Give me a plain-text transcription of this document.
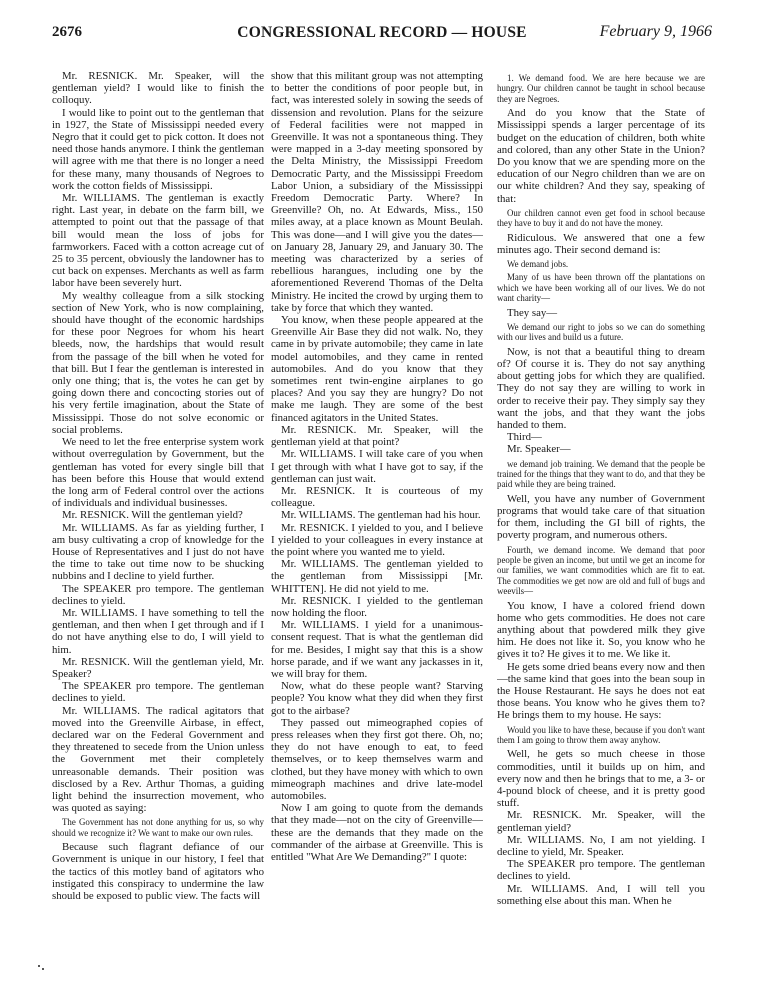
2676	CONGRESSIONAL RECORD — HOUSE	February 9, 1966

Mr. RESNICK. Mr. Speaker, will the gentleman yield? I would like to finish the colloquy.

I would like to point out to the gentleman that in 1927, the State of Mississippi needed every Negro that it could get to pick cotton. It does not need those hands anymore. I think the gentleman will agree with me that there is no longer a need for these many, many thousands of Negroes to work the cotton fields of Mississippi.

Mr. WILLIAMS. The gentleman is exactly right. Last year, in debate on the farm bill, we attempted to point out that the passage of that bill would mean the loss of jobs for farmworkers. Faced with a cotton acreage cut of 25 to 35 percent, obviously the landowner has to cut back on expenses. Merchants as well as farm labor have been severely hurt.

My wealthy colleague from a silk stocking section of New York, who is now complaining, should have thought of the economic hardships for these poor Negroes for whom his heart bleeds, now, the hardships that would result from the passage of the bill when he voted for that bill. But I fear the gentleman is interested in only one thing; that is, the votes he can get by going down there and concocting stories out of his very fertile imagination, about the State of Mississippi. Those do not solve economic or social problems.

We need to let the free enterprise system work without overregulation by Government, but the gentleman has voted for every single bill that has been before this House that would extend the long arm of Federal control over the actions of individuals and individual businesses.

Mr. RESNICK. Will the gentleman yield?

Mr. WILLIAMS. As far as yielding further, I am busy cultivating a crop of knowledge for the House of Representatives and I just do not have the time to take out time now to be shucking nubbins and I decline to yield further.

The SPEAKER pro tempore. The gentleman declines to yield.

Mr. WILLIAMS. I have something to tell the gentleman, and then when I get through and if I do not have anything else to do, I will yield to him.

Mr. RESNICK. Will the gentleman yield, Mr. Speaker?

The SPEAKER pro tempore. The gentleman declines to yield.

Mr. WILLIAMS. The radical agitators that moved into the Greenville Airbase, in effect, declared war on the Federal Government and they threatened to secede from the Union unless the Government met their completely unreasonable demands. Their position was disclosed by a Rev. Arthur Thomas, a guiding light behind the insurrection movement, who was quoted as saying:

The Government has not done anything for us, so why should we recognize it? We want to make our own rules.

Because such flagrant defiance of our Government is unique in our history, I feel that the tactics of this motley band of agitators who instigated this conspiracy to undermine the law should be exposed to public view. The facts will

show that this militant group was not attempting to better the conditions of poor people but, in fact, was interested solely in sowing the seeds of dissension and revolution. Plans for the seizure of Federal facilities were not mapped in Greenville. It was not a spontaneous thing. They were mapped in a 3-day meeting sponsored by the Delta Ministry, the Mississippi Freedom Democratic Party, and the Mississippi Freedom Labor Union, a subsidiary of the Mississippi Freedom Democratic Party. Where? In Greenville? Oh, no. At Edwards, Miss., 150 miles away, at a place known as Mount Beulah. This was done—and I will give you the dates—on January 28, January 29, and January 30. The meeting was characterized by a series of rebellious harangues, including one by the aforementioned Reverend Thomas of the Delta Ministry. He incited the crowd by urging them to take by force that which they wanted.

You know, when these people appeared at the Greenville Air Base they did not walk. No, they came in by private automobile; they came in late model automobiles, and they came in rented automobiles. And do you know that they sometimes rent twin-engine airplanes to go places? And you say they are hungry? Do not make me laugh. They are some of the best financed agitators in the United States.

Mr. RESNICK. Mr. Speaker, will the gentleman yield at that point?

Mr. WILLIAMS. I will take care of you when I get through with what I have got to say, if the gentleman can just wait.

Mr. RESNICK. It is courteous of my colleague.

Mr. WILLIAMS. The gentleman had his hour.

Mr. RESNICK. I yielded to you, and I believe I yielded to your colleagues in every instance at the point where you wanted me to yield.

Mr. WILLIAMS. The gentleman yielded to the gentleman from Mississippi [Mr. WHITTEN]. He did not yield to me.

Mr. RESNICK. I yielded to the gentleman now holding the floor.

Mr. WILLIAMS. I yield for a unanimous-consent request. That is what the gentleman did for me. Besides, I might say that this is a show horse parade, and if we want any jackasses in it, we will bray for them.

Now, what do these people want? Starving people? You know what they did when they first got to the airbase?

They passed out mimeographed copies of press releases when they first got there. Oh, no; they do not have enough to eat, to feed themselves, or to keep themselves warm and clothed, but they have money with which to own mimeograph machines and drive late-model automobiles.

Now I am going to quote from the demands that they made—not on the city of Greenville—these are the demands that they made on the commander of the airbase at Greenville. This is entitled "What Are We Demanding?" I quote:

1. We demand food. We are here because we are hungry. Our children cannot be taught in school because they are Negroes.

And do you know that the State of Mississippi spends a larger percentage of its budget on the education of children, both white and colored, than any other State in the Union? Do you know that we are spending more on the education of our Negro children than we are on our white children? And they say, speaking of that:

Our children cannot even get food in school because they have to buy it and do not have the money.

Ridiculous. We answered that one a few minutes ago. Their second demand is:

We demand jobs.

Many of us have been thrown off the plantations on which we have been working all of our lives. We do not want charity—

They say—

We demand our right to jobs so we can do something with our lives and build us a future.

Now, is not that a beautiful thing to dream of? Of course it is. They do not say anything about getting jobs for which they are qualified. They do not say they are willing to work in order to receive their pay. They simply say they want the jobs, and that they want the jobs handed to them.

Third—

Mr. Speaker—

we demand job training. We demand that the people be trained for the things that they want to do, and that they be paid while they are being trained.

Well, you have any number of Government programs that would take care of that situation for them, including the GI bill of rights, the poverty program, and numerous others.

Fourth, we demand income. We demand that poor people be given an income, but until we get an income for our families, we want commodities which are fit to eat. The commodities we get now are old and full of bugs and weevils—

You know, I have a colored friend down home who gets commodities. He does not care anything about that powdered milk they give him. He does not like it. So, you know who he gives it to? He gives it to me. We like it.

He gets some dried beans every now and then—the same kind that goes into the bean soup in the House Restaurant. He says he does not eat those beans. You know who he gives them to? He brings them to my house. He says:

Would you like to have these, because if you don't want them I am going to throw them away anyhow.

Well, he gets so much cheese in those commodities, until it builds up on him, and every now and then he brings that to me, a 3- or 4-pound block of cheese, and it is pretty good stuff.

Mr. RESNICK. Mr. Speaker, will the gentleman yield?

Mr. WILLIAMS. No, I am not yielding. I decline to yield, Mr. Speaker.

The SPEAKER pro tempore. The gentleman declines to yield.

Mr. WILLIAMS. And, I will tell you something else about this man. When he
